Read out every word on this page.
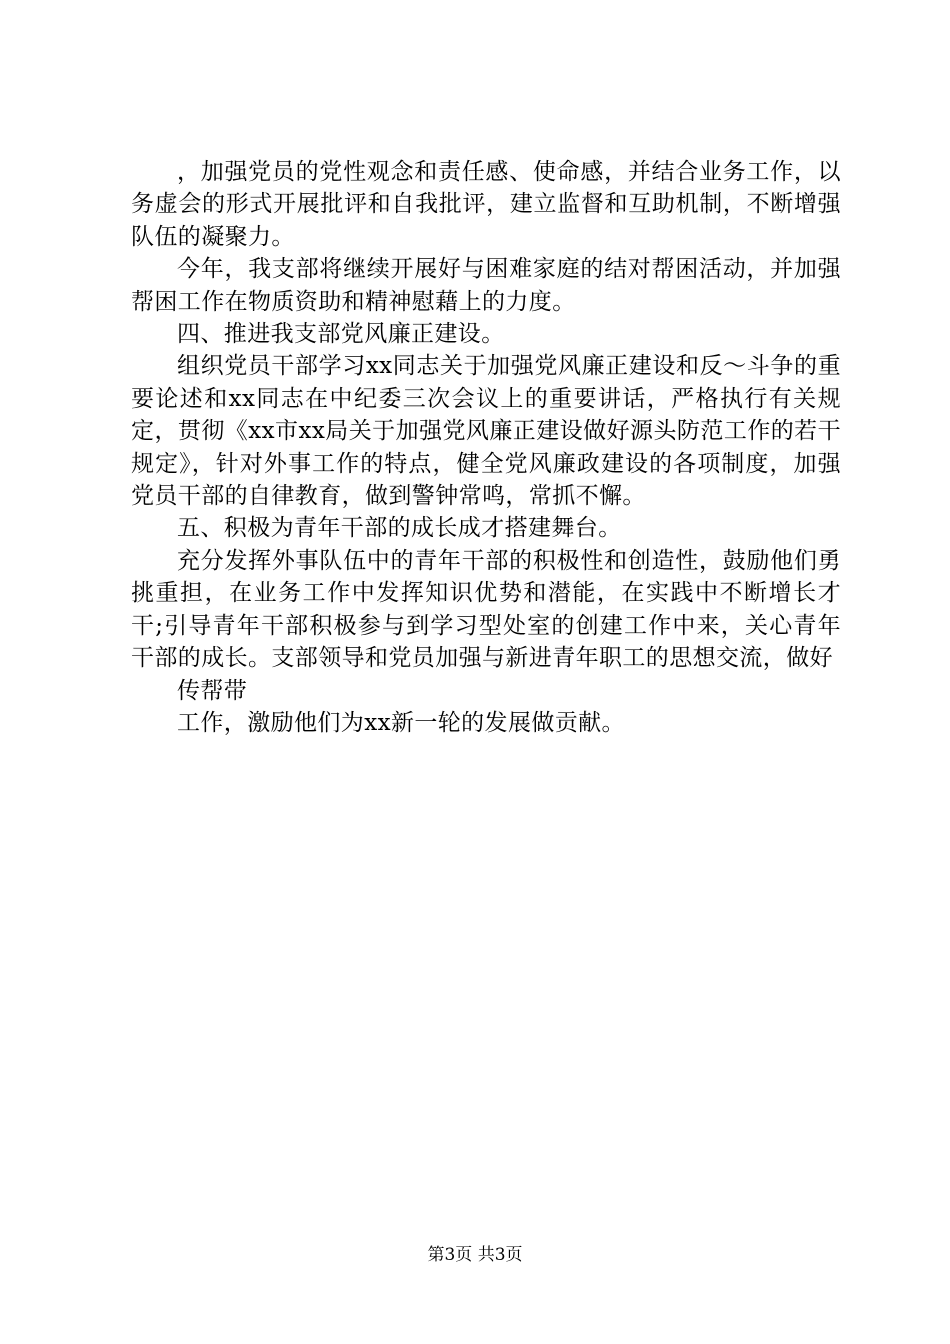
，加强党员的党性观念和责任感、使命感，并结合业务工作，以务虚会的形式开展批评和自我批评，建立监督和互助机制，不断增强队伍的凝聚力。

今年，我支部将继续开展好与困难家庭的结对帮困活动，并加强帮困工作在物质资助和精神慰藉上的力度。

四、推进我支部党风廉正建设。

组织党员干部学习xx同志关于加强党风廉正建设和反～斗争的重要论述和xx同志在中纪委三次会议上的重要讲话，严格执行有关规定，贯彻《xx市xx局关于加强党风廉正建设做好源头防范工作的若干规定》，针对外事工作的特点，健全党风廉政建设的各项制度，加强党员干部的自律教育，做到警钟常鸣，常抓不懈。

五、积极为青年干部的成长成才搭建舞台。

充分发挥外事队伍中的青年干部的积极性和创造性，鼓励他们勇挑重担，在业务工作中发挥知识优势和潜能，在实践中不断增长才干;引导青年干部积极参与到学习型处室的创建工作中来，关心青年干部的成长。支部领导和党员加强与新进青年职工的思想交流，做好

传帮带

工作，激励他们为xx新一轮的发展做贡献。

第3页 共3页
